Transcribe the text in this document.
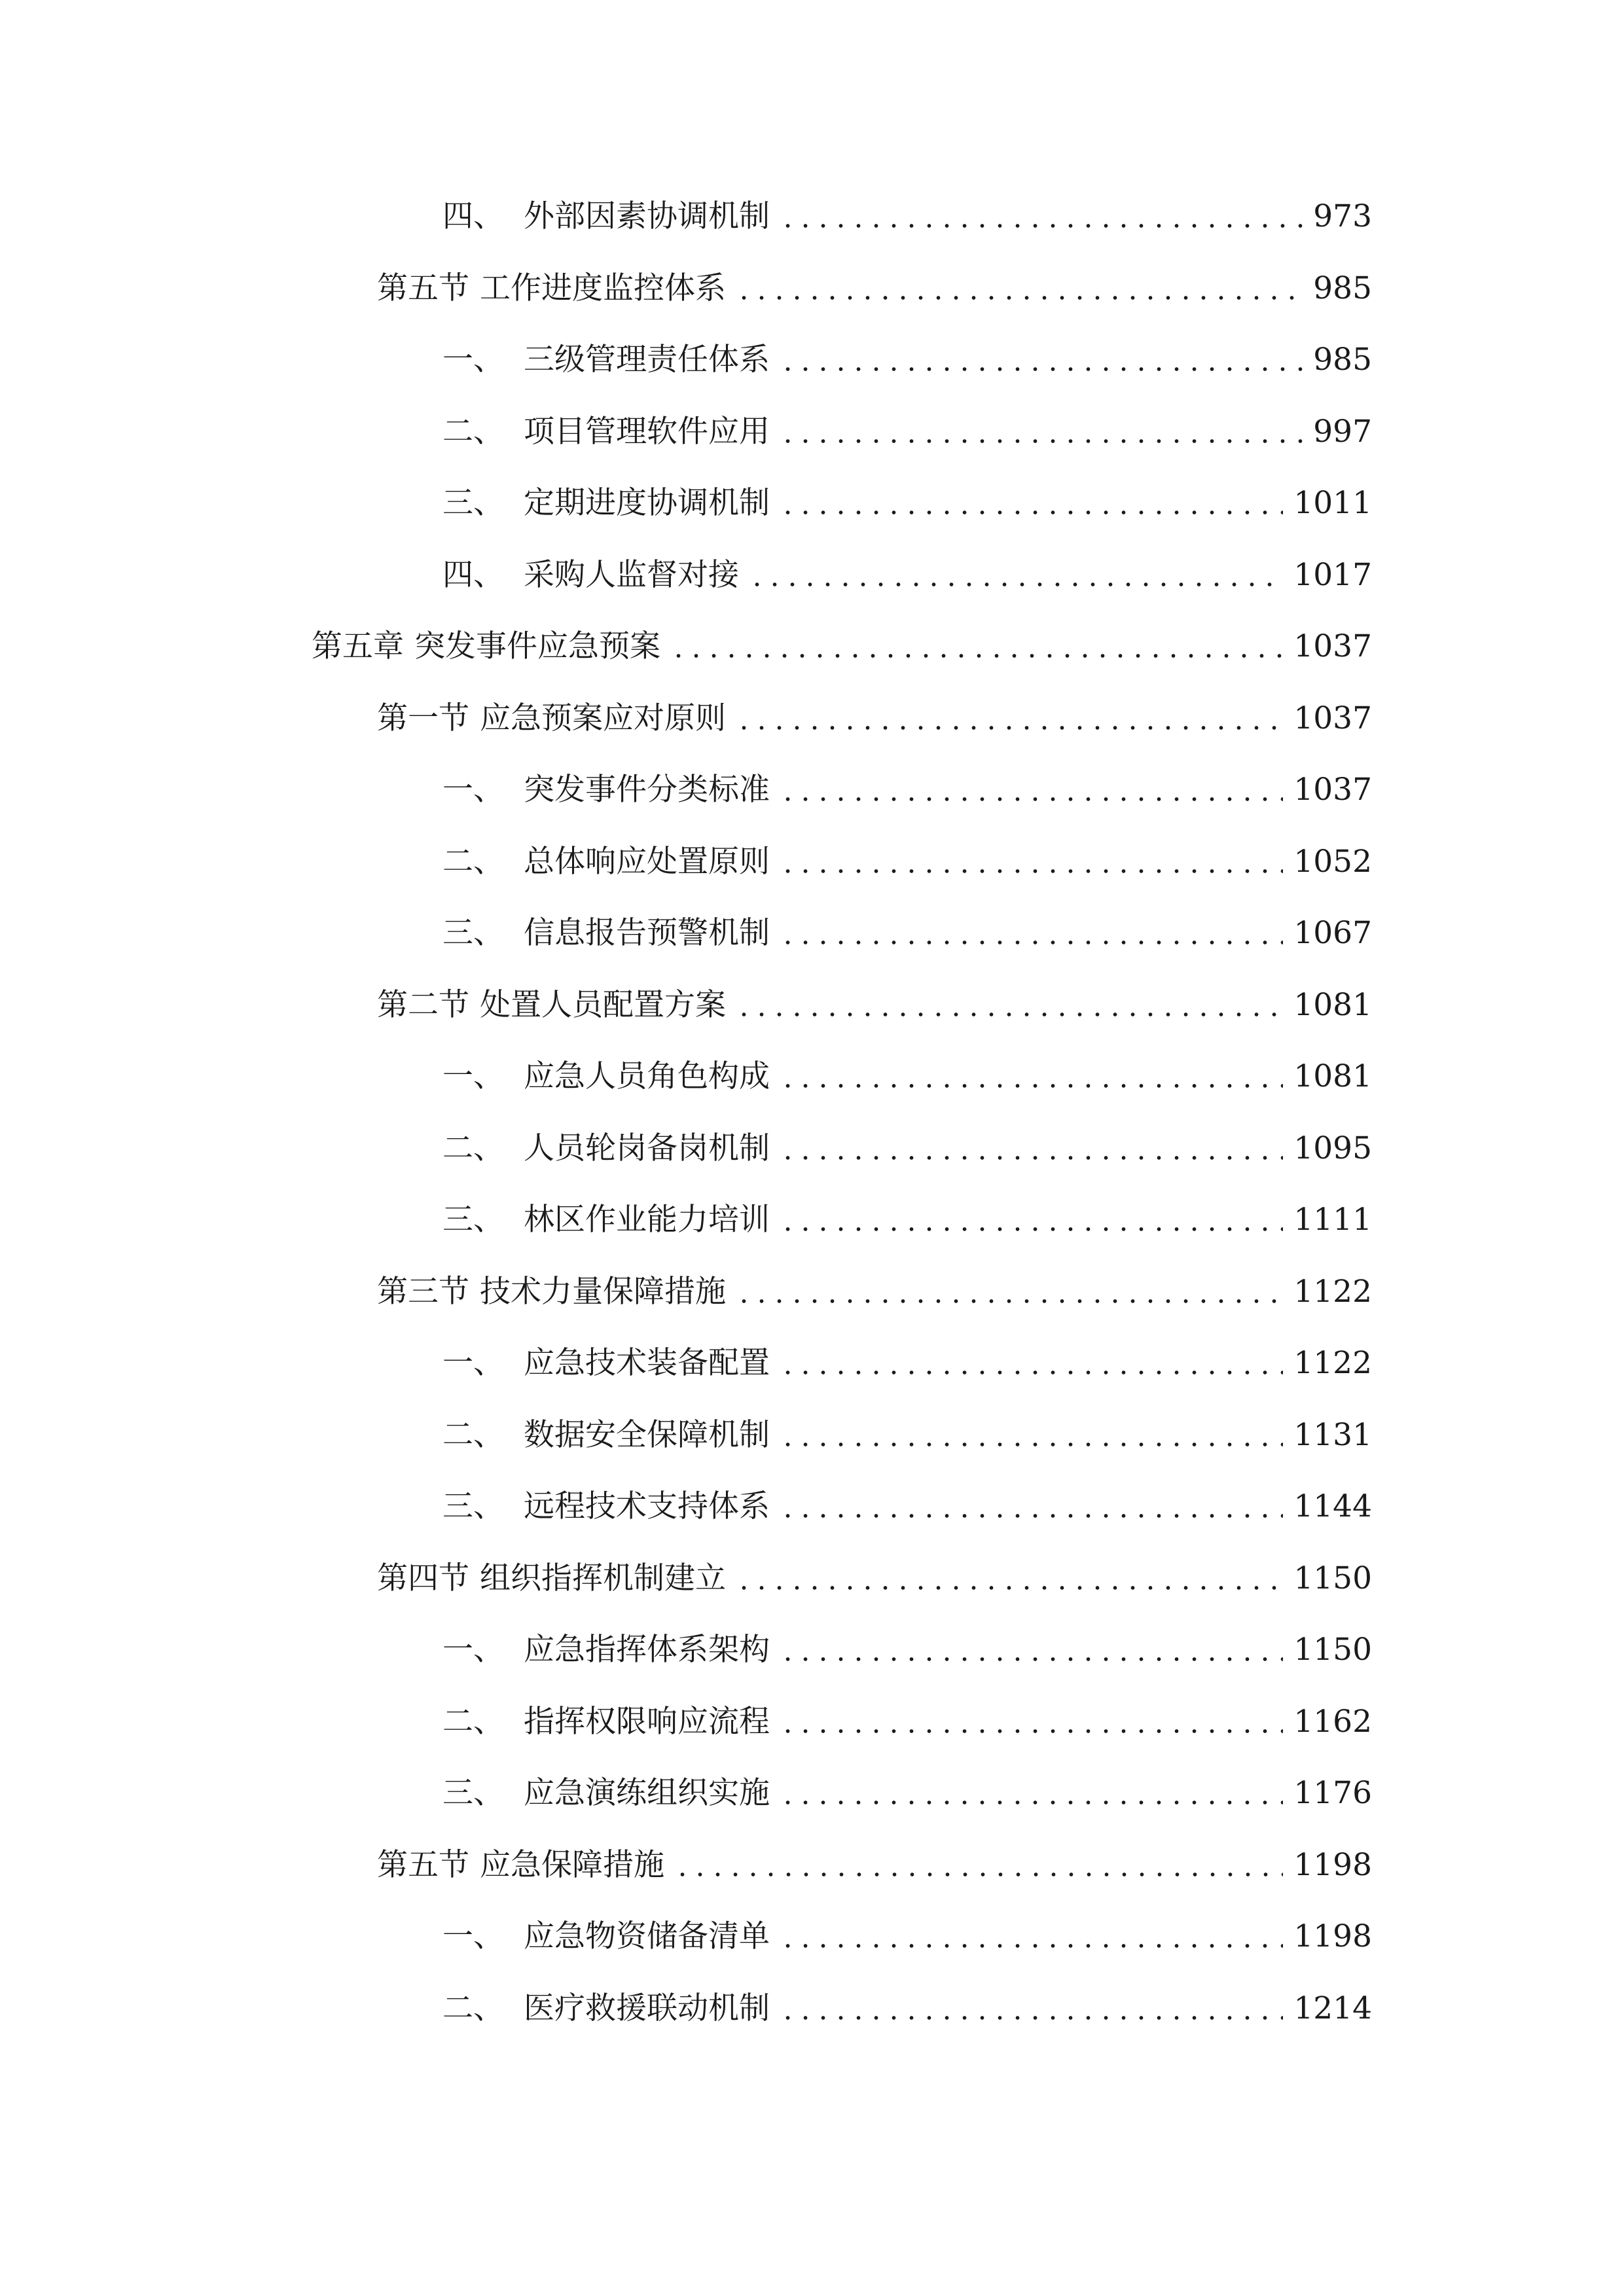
四、 外部因素协调机制	973
第五节 工作进度监控体系	985
一、 三级管理责任体系	985
二、 项目管理软件应用	997
三、 定期进度协调机制	1011
四、 采购人监督对接	1017
第五章 突发事件应急预案	1037
第一节 应急预案应对原则	1037
一、 突发事件分类标准	1037
二、 总体响应处置原则	1052
三、 信息报告预警机制	1067
第二节 处置人员配置方案	1081
一、 应急人员角色构成	1081
二、 人员轮岗备岗机制	1095
三、 林区作业能力培训	1111
第三节 技术力量保障措施	1122
一、 应急技术装备配置	1122
二、 数据安全保障机制	1131
三、 远程技术支持体系	1144
第四节 组织指挥机制建立	1150
一、 应急指挥体系架构	1150
二、 指挥权限响应流程	1162
三、 应急演练组织实施	1176
第五节 应急保障措施	1198
一、 应急物资储备清单	1198
二、 医疗救援联动机制	1214
